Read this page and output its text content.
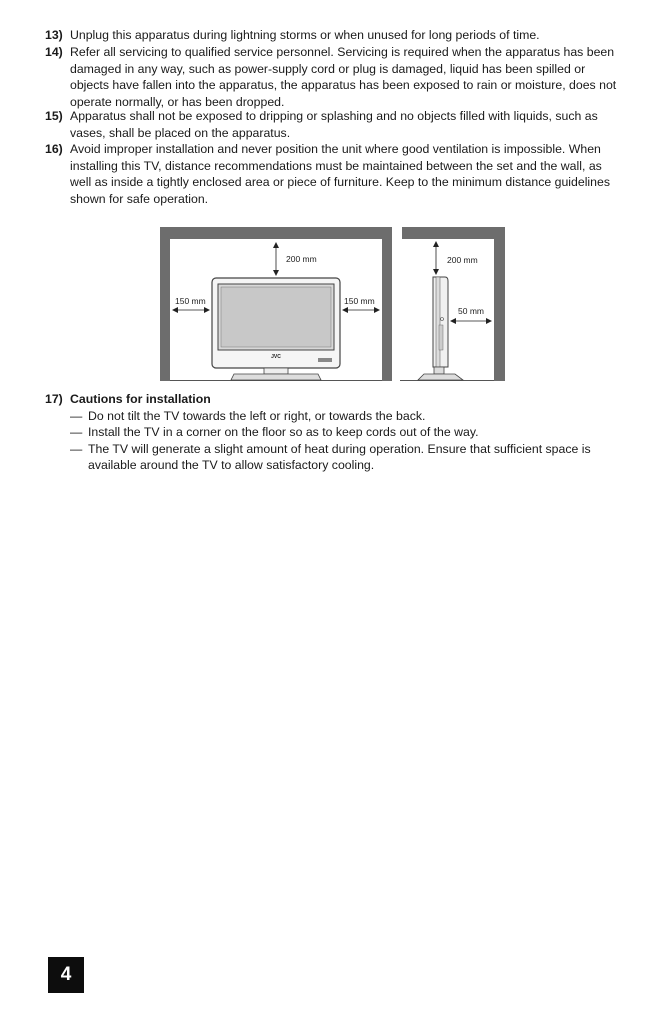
13) Unplug this apparatus during lightning storms or when unused for long periods of time.
14) Refer all servicing to qualified service personnel. Servicing is required when the apparatus has been damaged in any way, such as power-supply cord or plug is damaged, liquid has been spilled or objects have fallen into the apparatus, the apparatus has been exposed to rain or moisture, does not operate normally, or has been dropped.
15) Apparatus shall not be exposed to dripping or splashing and no objects filled with liquids, such as vases, shall be placed on the apparatus.
16) Avoid improper installation and never position the unit where good ventilation is impossible. When installing this TV, distance recommendations must be maintained between the set and the wall, as well as inside a tightly enclosed area or piece of furniture. Keep to the minimum distance guidelines shown for safe operation.
JVC
200 mm
150 mm	150 mm
200 mm
50 mm
17) Cautions for installation
— Do not tilt the TV towards the left or right, or towards the back.
— Install the TV in a corner on the floor so as to keep cords out of the way.
— The TV will generate a slight amount of heat during operation. Ensure that sufficient space is available around the TV to allow satisfactory cooling.
4
